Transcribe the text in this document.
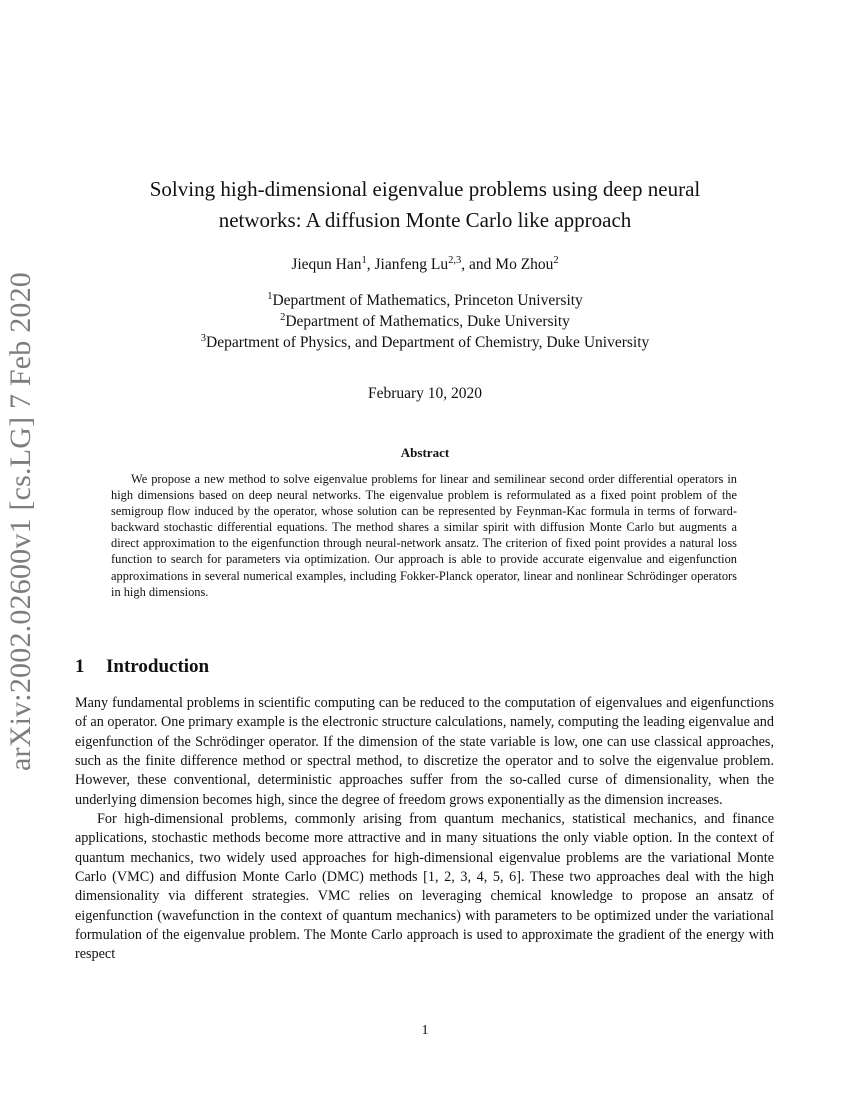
arXiv:2002.02600v1 [cs.LG] 7 Feb 2020
Solving high-dimensional eigenvalue problems using deep neural
networks: A diffusion Monte Carlo like approach
Jiequn Han$^1$, Jianfeng Lu$^{2,3}$, and Mo Zhou$^2$
$^1$Department of Mathematics, Princeton University
$^2$Department of Mathematics, Duke University
$^3$Department of Physics, and Department of Chemistry, Duke University
February 10, 2020
Abstract
We propose a new method to solve eigenvalue problems for linear and semilinear second order differential operators in high dimensions based on deep neural networks. The eigenvalue problem is reformulated as a fixed point problem of the semigroup flow induced by the operator, whose solution can be represented by Feynman-Kac formula in terms of forward-backward stochastic differential equations. The method shares a similar spirit with diffusion Monte Carlo but augments a direct approximation to the eigenfunction through neural-network ansatz. The criterion of fixed point provides a natural loss function to search for parameters via optimization. Our approach is able to provide accurate eigenvalue and eigenfunction approximations in several numerical examples, including Fokker-Planck operator, linear and nonlinear Schrödinger operators in high dimensions.
1 Introduction

Many fundamental problems in scientific computing can be reduced to the computation of eigenvalues and eigenfunctions of an operator. One primary example is the electronic structure calculations, namely, computing the leading eigenvalue and eigenfunction of the Schrödinger operator. If the dimension of the state variable is low, one can use classical approaches, such as the finite difference method or spectral method, to discretize the operator and to solve the eigenvalue problem. However, these conventional, deterministic approaches suffer from the so-called curse of dimensionality, when the underlying dimension becomes high, since the degree of freedom grows exponentially as the dimension increases.

For high-dimensional problems, commonly arising from quantum mechanics, statistical mechanics, and finance applications, stochastic methods become more attractive and in many situations the only viable option. In the context of quantum mechanics, two widely used approaches for high-dimensional eigenvalue problems are the variational Monte Carlo (VMC) and diffusion Monte Carlo (DMC) methods [1, 2, 3, 4, 5, 6]. These two approaches deal with the high dimensionality via different strategies. VMC relies on leveraging chemical knowledge to propose an ansatz of eigenfunction (wavefunction in the context of quantum mechanics) with parameters to be optimized under the variational formulation of the eigenvalue problem. The Monte Carlo approach is used to approximate the gradient of the energy with respect

1
